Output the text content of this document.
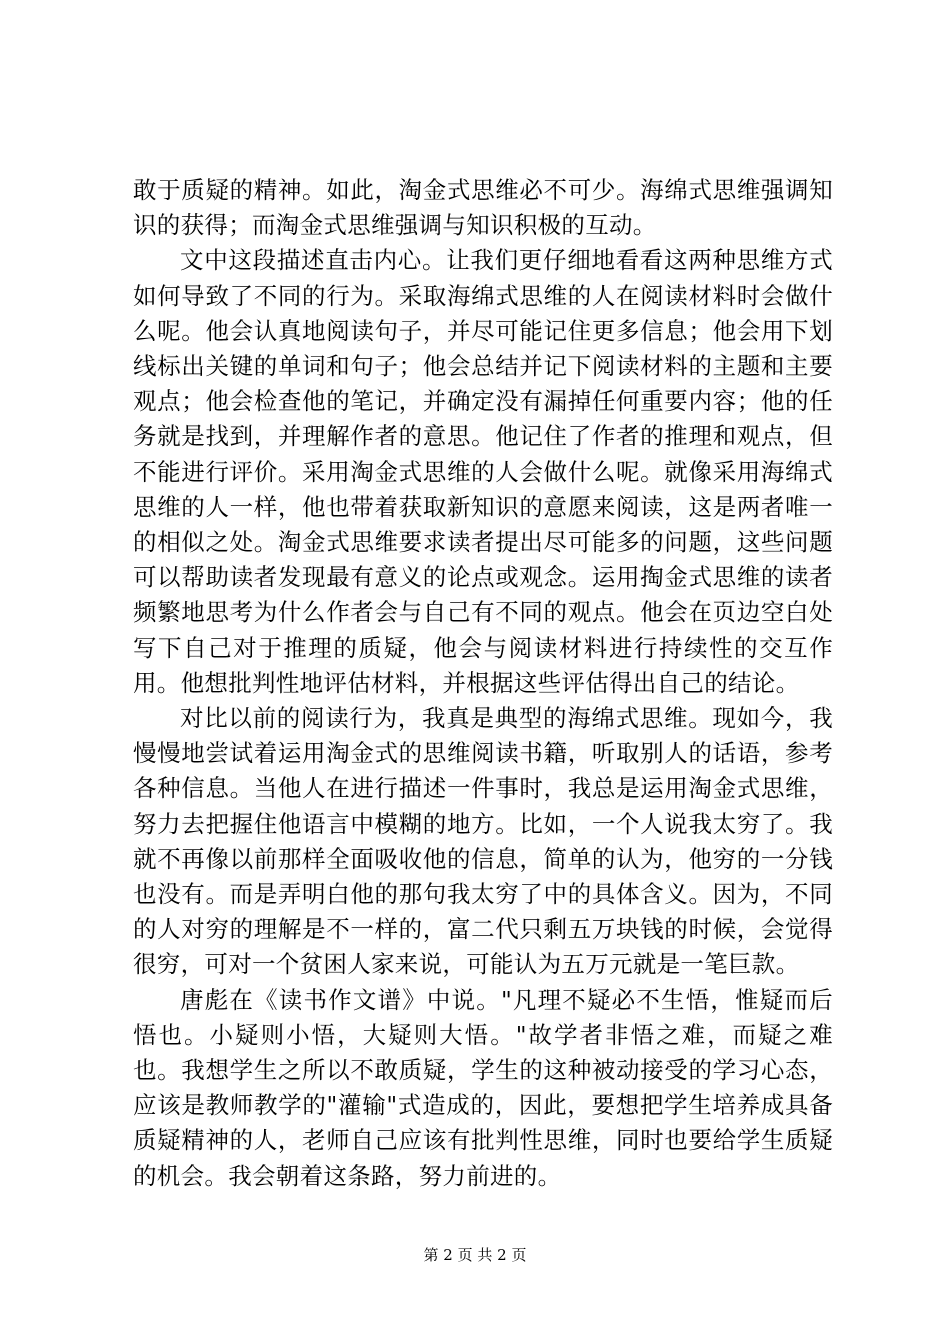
敢于质疑的精神。如此，淘金式思维必不可少。海绵式思维强调知识的获得；而淘金式思维强调与知识积极的互动。

文中这段描述直击内心。让我们更仔细地看看这两种思维方式如何导致了不同的行为。采取海绵式思维的人在阅读材料时会做什么呢。他会认真地阅读句子，并尽可能记住更多信息；他会用下划线标出关键的单词和句子；他会总结并记下阅读材料的主题和主要观点；他会检查他的笔记，并确定没有漏掉任何重要内容；他的任务就是找到，并理解作者的意思。他记住了作者的推理和观点，但不能进行评价。采用淘金式思维的人会做什么呢。就像采用海绵式思维的人一样，他也带着获取新知识的意愿来阅读，这是两者唯一的相似之处。淘金式思维要求读者提出尽可能多的问题，这些问题可以帮助读者发现最有意义的论点或观念。运用掏金式思维的读者频繁地思考为什么作者会与自己有不同的观点。他会在页边空白处写下自己对于推理的质疑，他会与阅读材料进行持续性的交互作用。他想批判性地评估材料，并根据这些评估得出自己的结论。

对比以前的阅读行为，我真是典型的海绵式思维。现如今，我慢慢地尝试着运用淘金式的思维阅读书籍，听取别人的话语，参考各种信息。当他人在进行描述一件事时，我总是运用淘金式思维，努力去把握住他语言中模糊的地方。比如，一个人说我太穷了。我就不再像以前那样全面吸收他的信息，简单的认为，他穷的一分钱也没有。而是弄明白他的那句我太穷了中的具体含义。因为，不同的人对穷的理解是不一样的，富二代只剩五万块钱的时候，会觉得很穷，可对一个贫困人家来说，可能认为五万元就是一笔巨款。

唐彪在《读书作文谱》中说。"凡理不疑必不生悟，惟疑而后悟也。小疑则小悟，大疑则大悟。"故学者非悟之难，而疑之难也。我想学生之所以不敢质疑，学生的这种被动接受的学习心态，应该是教师教学的"灌输"式造成的，因此，要想把学生培养成具备质疑精神的人，老师自己应该有批判性思维，同时也要给学生质疑的机会。我会朝着这条路，努力前进的。

第 2 页 共 2 页
